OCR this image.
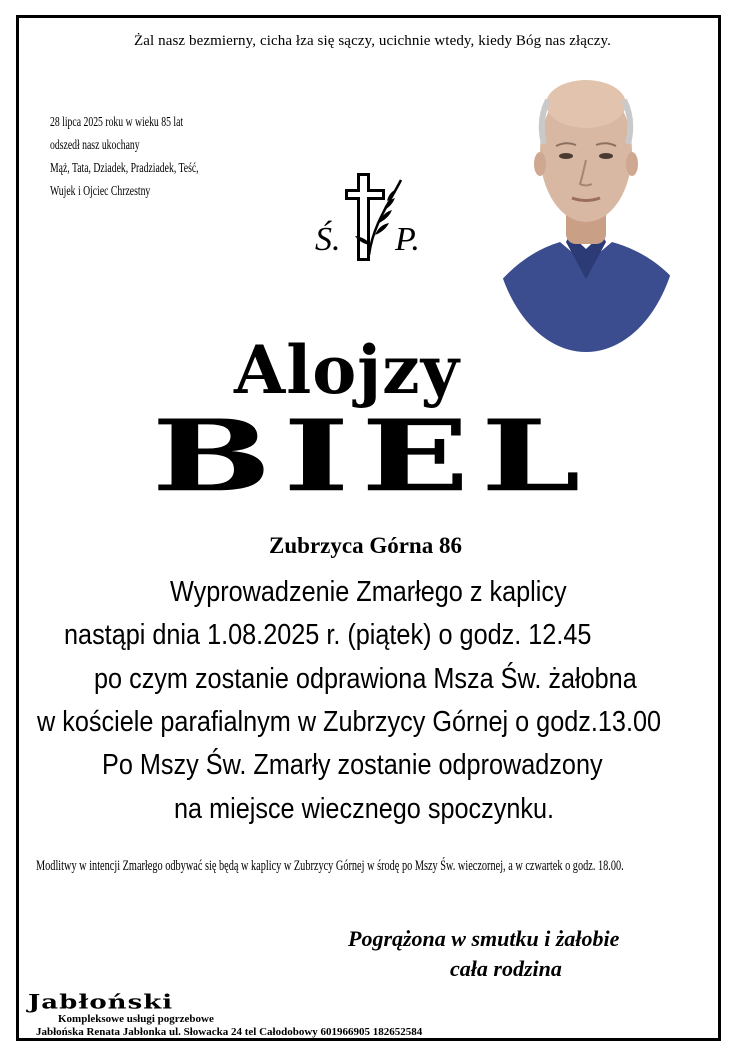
Żal nasz bezmierny, cicha łza się sączy, ucichnie wtedy, kiedy Bóg nas złączy.
28 lipca 2025 roku w wieku 85 lat
odszedł nasz ukochany
Mąż, Tata, Dziadek, Pradziadek, Teść,
Wujek i Ojciec Chrzestny
Ś. P.
Alojzy
BIEL
Zubrzyca Górna 86
Wyprowadzenie Zmarłego z kaplicy
nastąpi dnia 1.08.2025 r. (piątek) o godz. 12.45
po czym zostanie odprawiona Msza Św. żałobna
w kościele parafialnym w Zubrzycy Górnej o godz.13.00
Po Mszy Św. Zmarły zostanie odprowadzony
na miejsce wiecznego spoczynku.
Modlitwy w intencji Zmarłego odbywać się będą w kaplicy w Zubrzycy Górnej w środę po Mszy Św. wieczornej, a w czwartek o godz. 18.00.
Pogrążona w smutku i żałobie
cała rodzina
Jabłoński
Kompleksowe usługi pogrzebowe
Jabłońska Renata Jabłonka ul. Słowacka 24 tel Całodobowy 601966905 182652584
